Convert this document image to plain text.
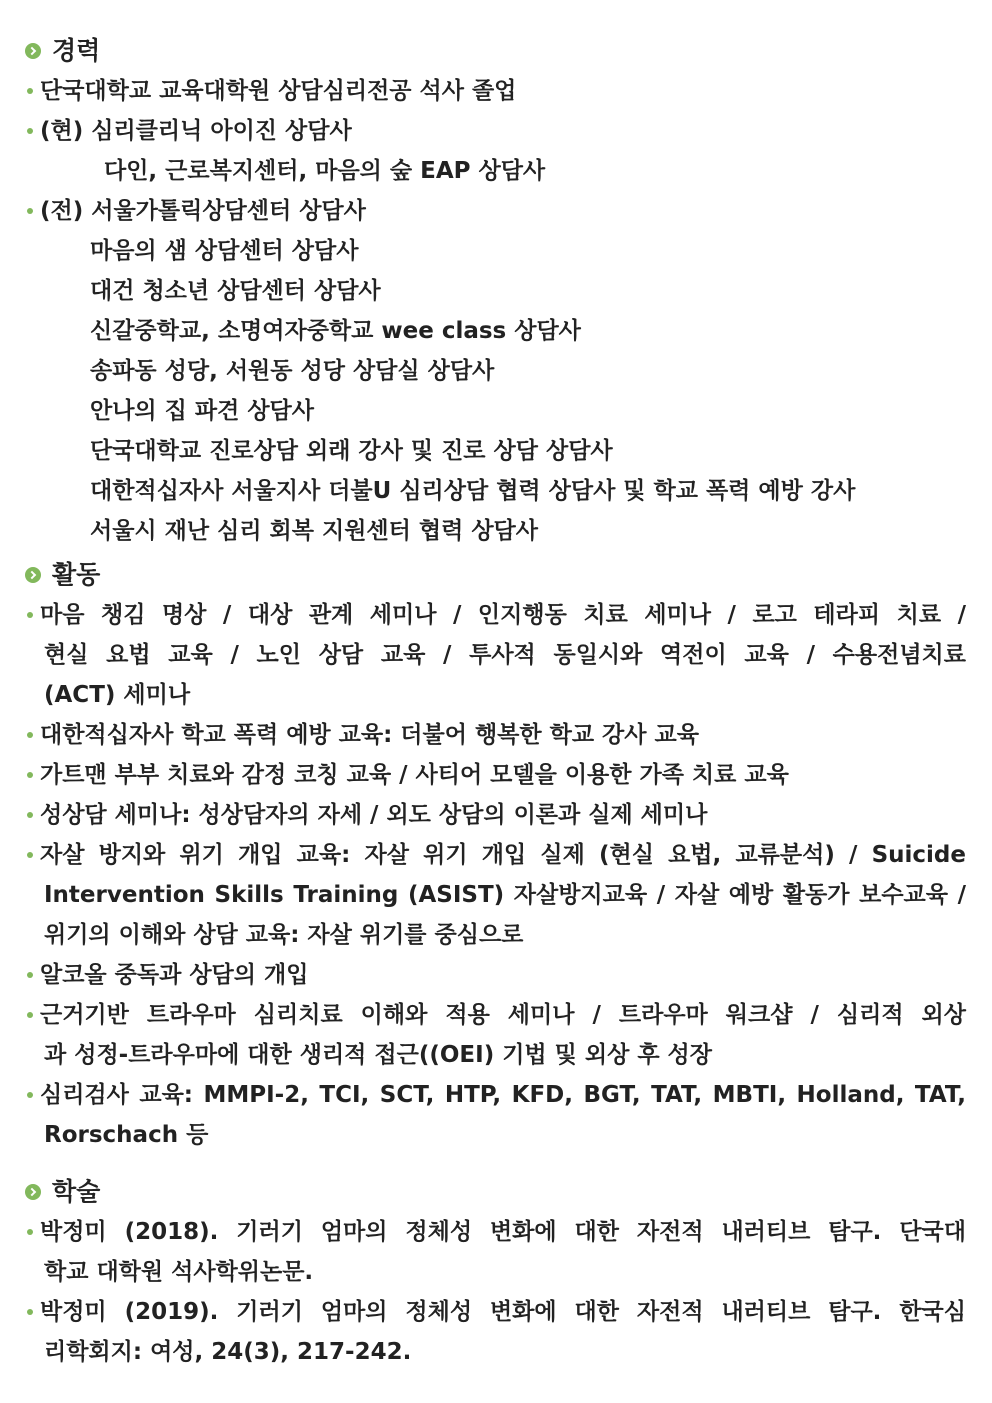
경력
단국대학교 교육대학원 상담심리전공 석사 졸업
(현) 심리클리닉 아이진 상담사
다인, 근로복지센터, 마음의 숲 EAP 상담사
(전) 서울가톨릭상담센터 상담사
마음의 샘 상담센터 상담사
대건 청소년 상담센터 상담사
신갈중학교, 소명여자중학교 wee class 상담사
송파동 성당, 서원동 성당 상담실 상담사
안나의 집 파견 상담사
단국대학교 진로상담 외래 강사 및 진로 상담 상담사
대한적십자사 서울지사 더불U 심리상담 협력 상담사 및 학교 폭력 예방 강사
서울시 재난 심리 회복 지원센터 협력 상담사
활동
마음 챙김 명상 / 대상 관계 세미나 / 인지행동 치료 세미나 / 로고 테라피 치료 /
현실 요법 교육 / 노인 상담 교육 / 투사적 동일시와 역전이 교육 / 수용전념치료
(ACT) 세미나
대한적십자사 학교 폭력 예방 교육: 더불어 행복한 학교 강사 교육
가트맨 부부 치료와 감정 코칭 교육 / 사티어 모델을 이용한 가족 치료 교육
성상담 세미나: 성상담자의 자세 / 외도 상담의 이론과 실제 세미나
자살 방지와 위기 개입 교육: 자살 위기 개입 실제 (현실 요법, 교류분석) / Suicide
Intervention Skills Training (ASIST) 자살방지교육 / 자살 예방 활동가 보수교육 /
위기의 이해와 상담 교육: 자살 위기를 중심으로
알코올 중독과 상담의 개입
근거기반 트라우마 심리치료 이해와 적용 세미나 / 트라우마 워크샵 / 심리적 외상
과 성정-트라우마에 대한 생리적 접근((OEI) 기법 및 외상 후 성장
심리검사 교육: MMPI-2, TCI, SCT, HTP, KFD, BGT, TAT, MBTI, Holland, TAT,
Rorschach 등
학술
박정미 (2018). 기러기 엄마의 정체성 변화에 대한 자전적 내러티브 탐구. 단국대
학교 대학원 석사학위논문.
박정미 (2019). 기러기 엄마의 정체성 변화에 대한 자전적 내러티브 탐구. 한국심
리학회지: 여성, 24(3), 217-242.
